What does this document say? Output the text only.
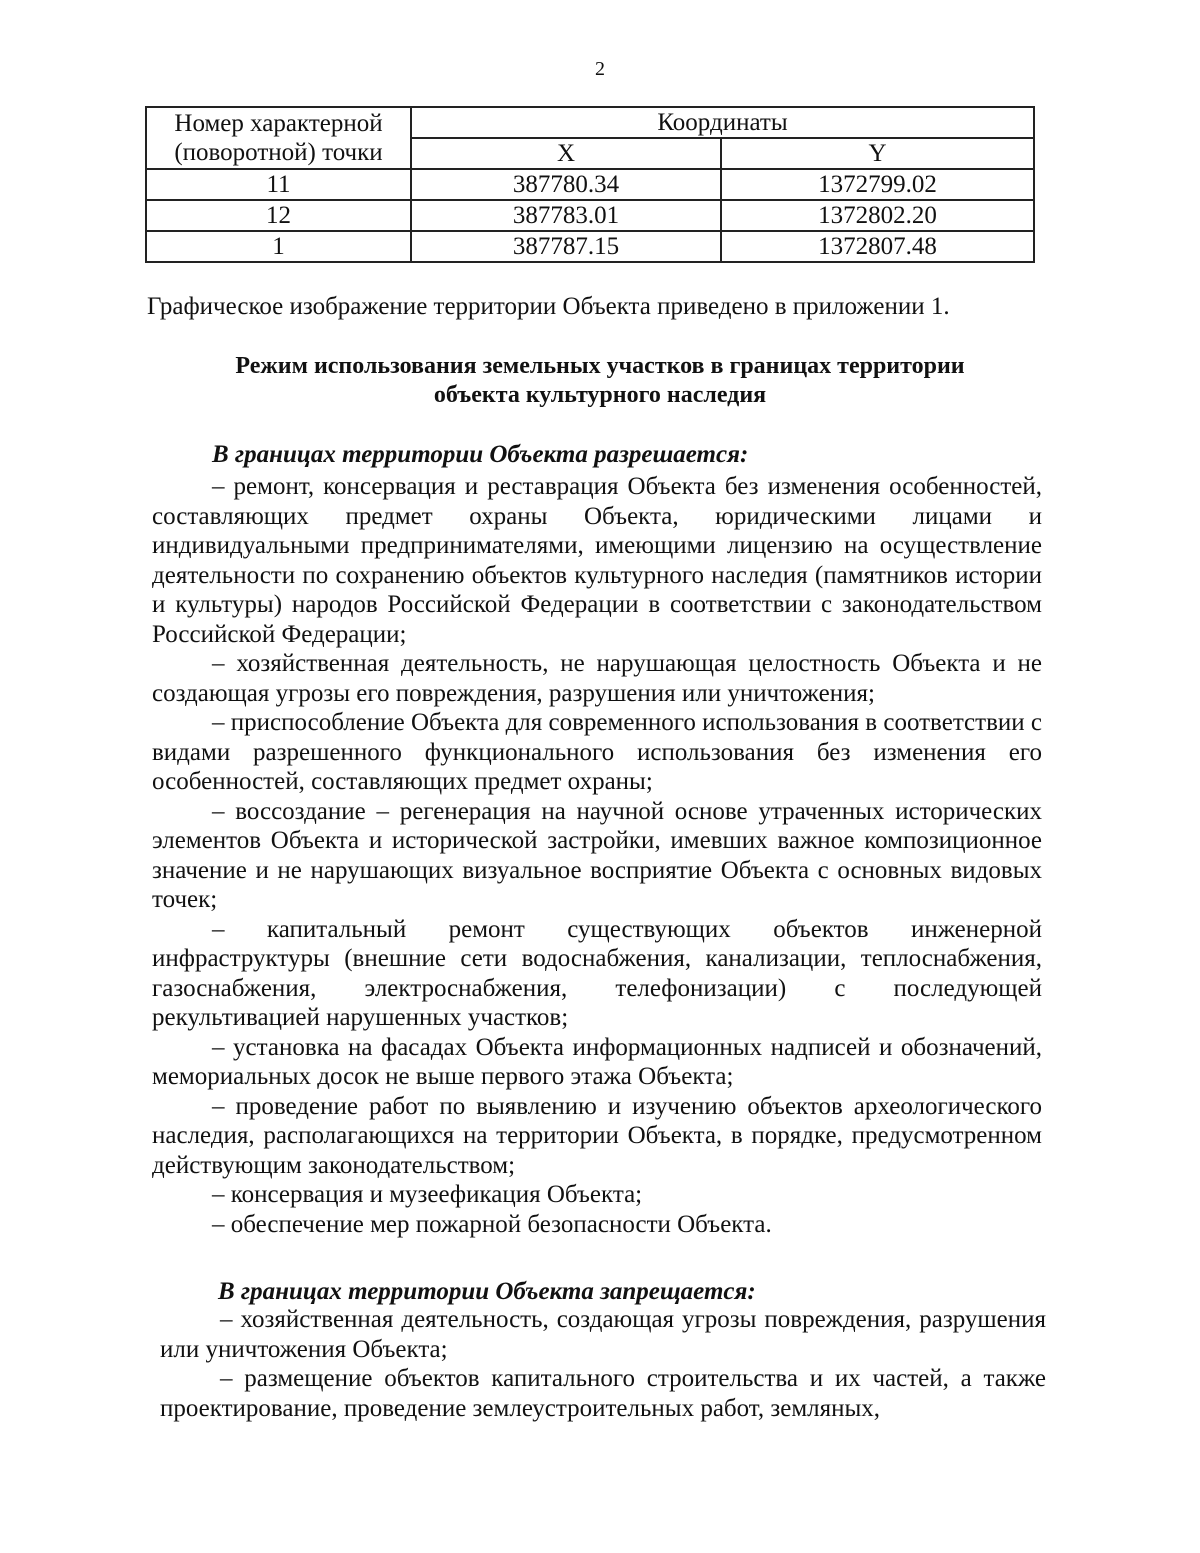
2
Номер характерной (поворотной) точки	Координаты	
	X	Y
11	387780.34	1372799.02
12	387783.01	1372802.20
1	387787.15	1372807.48
Графическое изображение территории Объекта приведено в приложении 1.
Режим использования земельных участков в границах территории
объекта культурного наследия
В границах территории Объекта разрешается:

– ремонт, консервация и реставрация Объекта без изменения особенностей, составляющих предмет охраны Объекта, юридическими лицами и индивидуальными предпринимателями, имеющими лицензию на осуществление деятельности по сохранению объектов культурного наследия (памятников истории и культуры) народов Российской Федерации в соответствии с законодательством Российской Федерации;

– хозяйственная деятельность, не нарушающая целостность Объекта и не создающая угрозы его повреждения, разрушения или уничтожения;

– приспособление Объекта для современного использования в соответствии с видами разрешенного функционального использования без изменения его особенностей, составляющих предмет охраны;

– воссоздание – регенерация на научной основе утраченных исторических элементов Объекта и исторической застройки, имевших важное композиционное значение и не нарушающих визуальное восприятие Объекта с основных видовых точек;

– капитальный ремонт существующих объектов инженерной инфраструктуры (внешние сети водоснабжения, канализации, теплоснабжения, газоснабжения, электроснабжения, телефонизации) с последующей рекультивацией нарушенных участков;

– установка на фасадах Объекта информационных надписей и обозначений, мемориальных досок не выше первого этажа Объекта;

– проведение работ по выявлению и изучению объектов археологического наследия, располагающихся на территории Объекта, в порядке, предусмотренном действующим законодательством;

– консервация и музеефикация Объекта;

– обеспечение мер пожарной безопасности Объекта.

В границах территории Объекта запрещается:

– хозяйственная деятельность, создающая угрозы повреждения, разрушения или уничтожения Объекта;

– размещение объектов капитального строительства и их частей, а также проектирование, проведение землеустроительных работ, земляных,
